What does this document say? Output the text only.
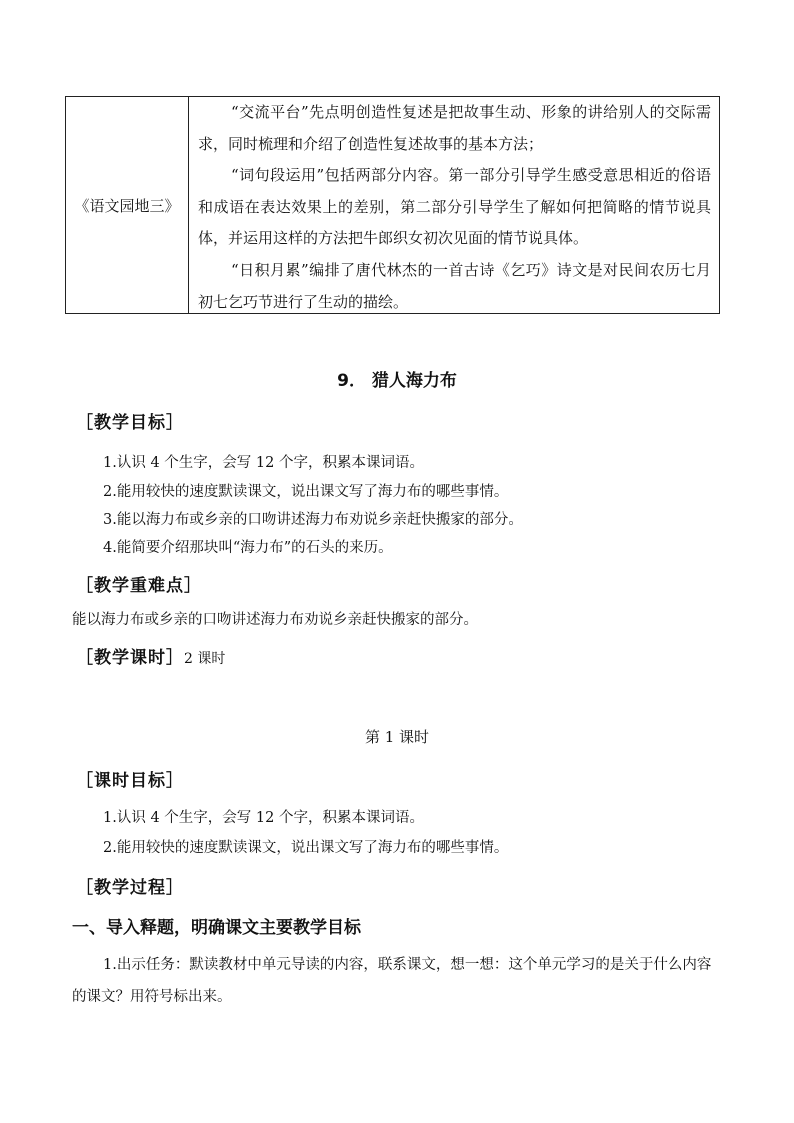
《语文园地三》

“交流平台”先点明创造性复述是把故事生动、形象的讲给别人的交际需求，同时梳理和介绍了创造性复述故事的基本方法；

“词句段运用”包括两部分内容。第一部分引导学生感受意思相近的俗语和成语在表达效果上的差别，第二部分引导学生了解如何把简略的情节说具体，并运用这样的方法把牛郎织女初次见面的情节说具体。

“日积月累”编排了唐代林杰的一首古诗《乞巧》诗文是对民间农历七月初七乞巧节进行了生动的描绘。

9． 猎人海力布
［教学目标］
1.认识 4 个生字，会写 12 个字，积累本课词语。
2.能用较快的速度默读课文，说出课文写了海力布的哪些事情。
3.能以海力布或乡亲的口吻讲述海力布劝说乡亲赶快搬家的部分。
4.能简要介绍那块叫“海力布”的石头的来历。
［教学重难点］
能以海力布或乡亲的口吻讲述海力布劝说乡亲赶快搬家的部分。
［教学课时］2 课时
第 1 课时
［课时目标］
1.认识 4 个生字，会写 12 个字，积累本课词语。
2.能用较快的速度默读课文，说出课文写了海力布的哪些事情。
［教学过程］
一、导入释题，明确课文主要教学目标
1.出示任务：默读教材中单元导读的内容，联系课文，想一想：这个单元学习的是关于什么内容的课文？用符号标出来。
